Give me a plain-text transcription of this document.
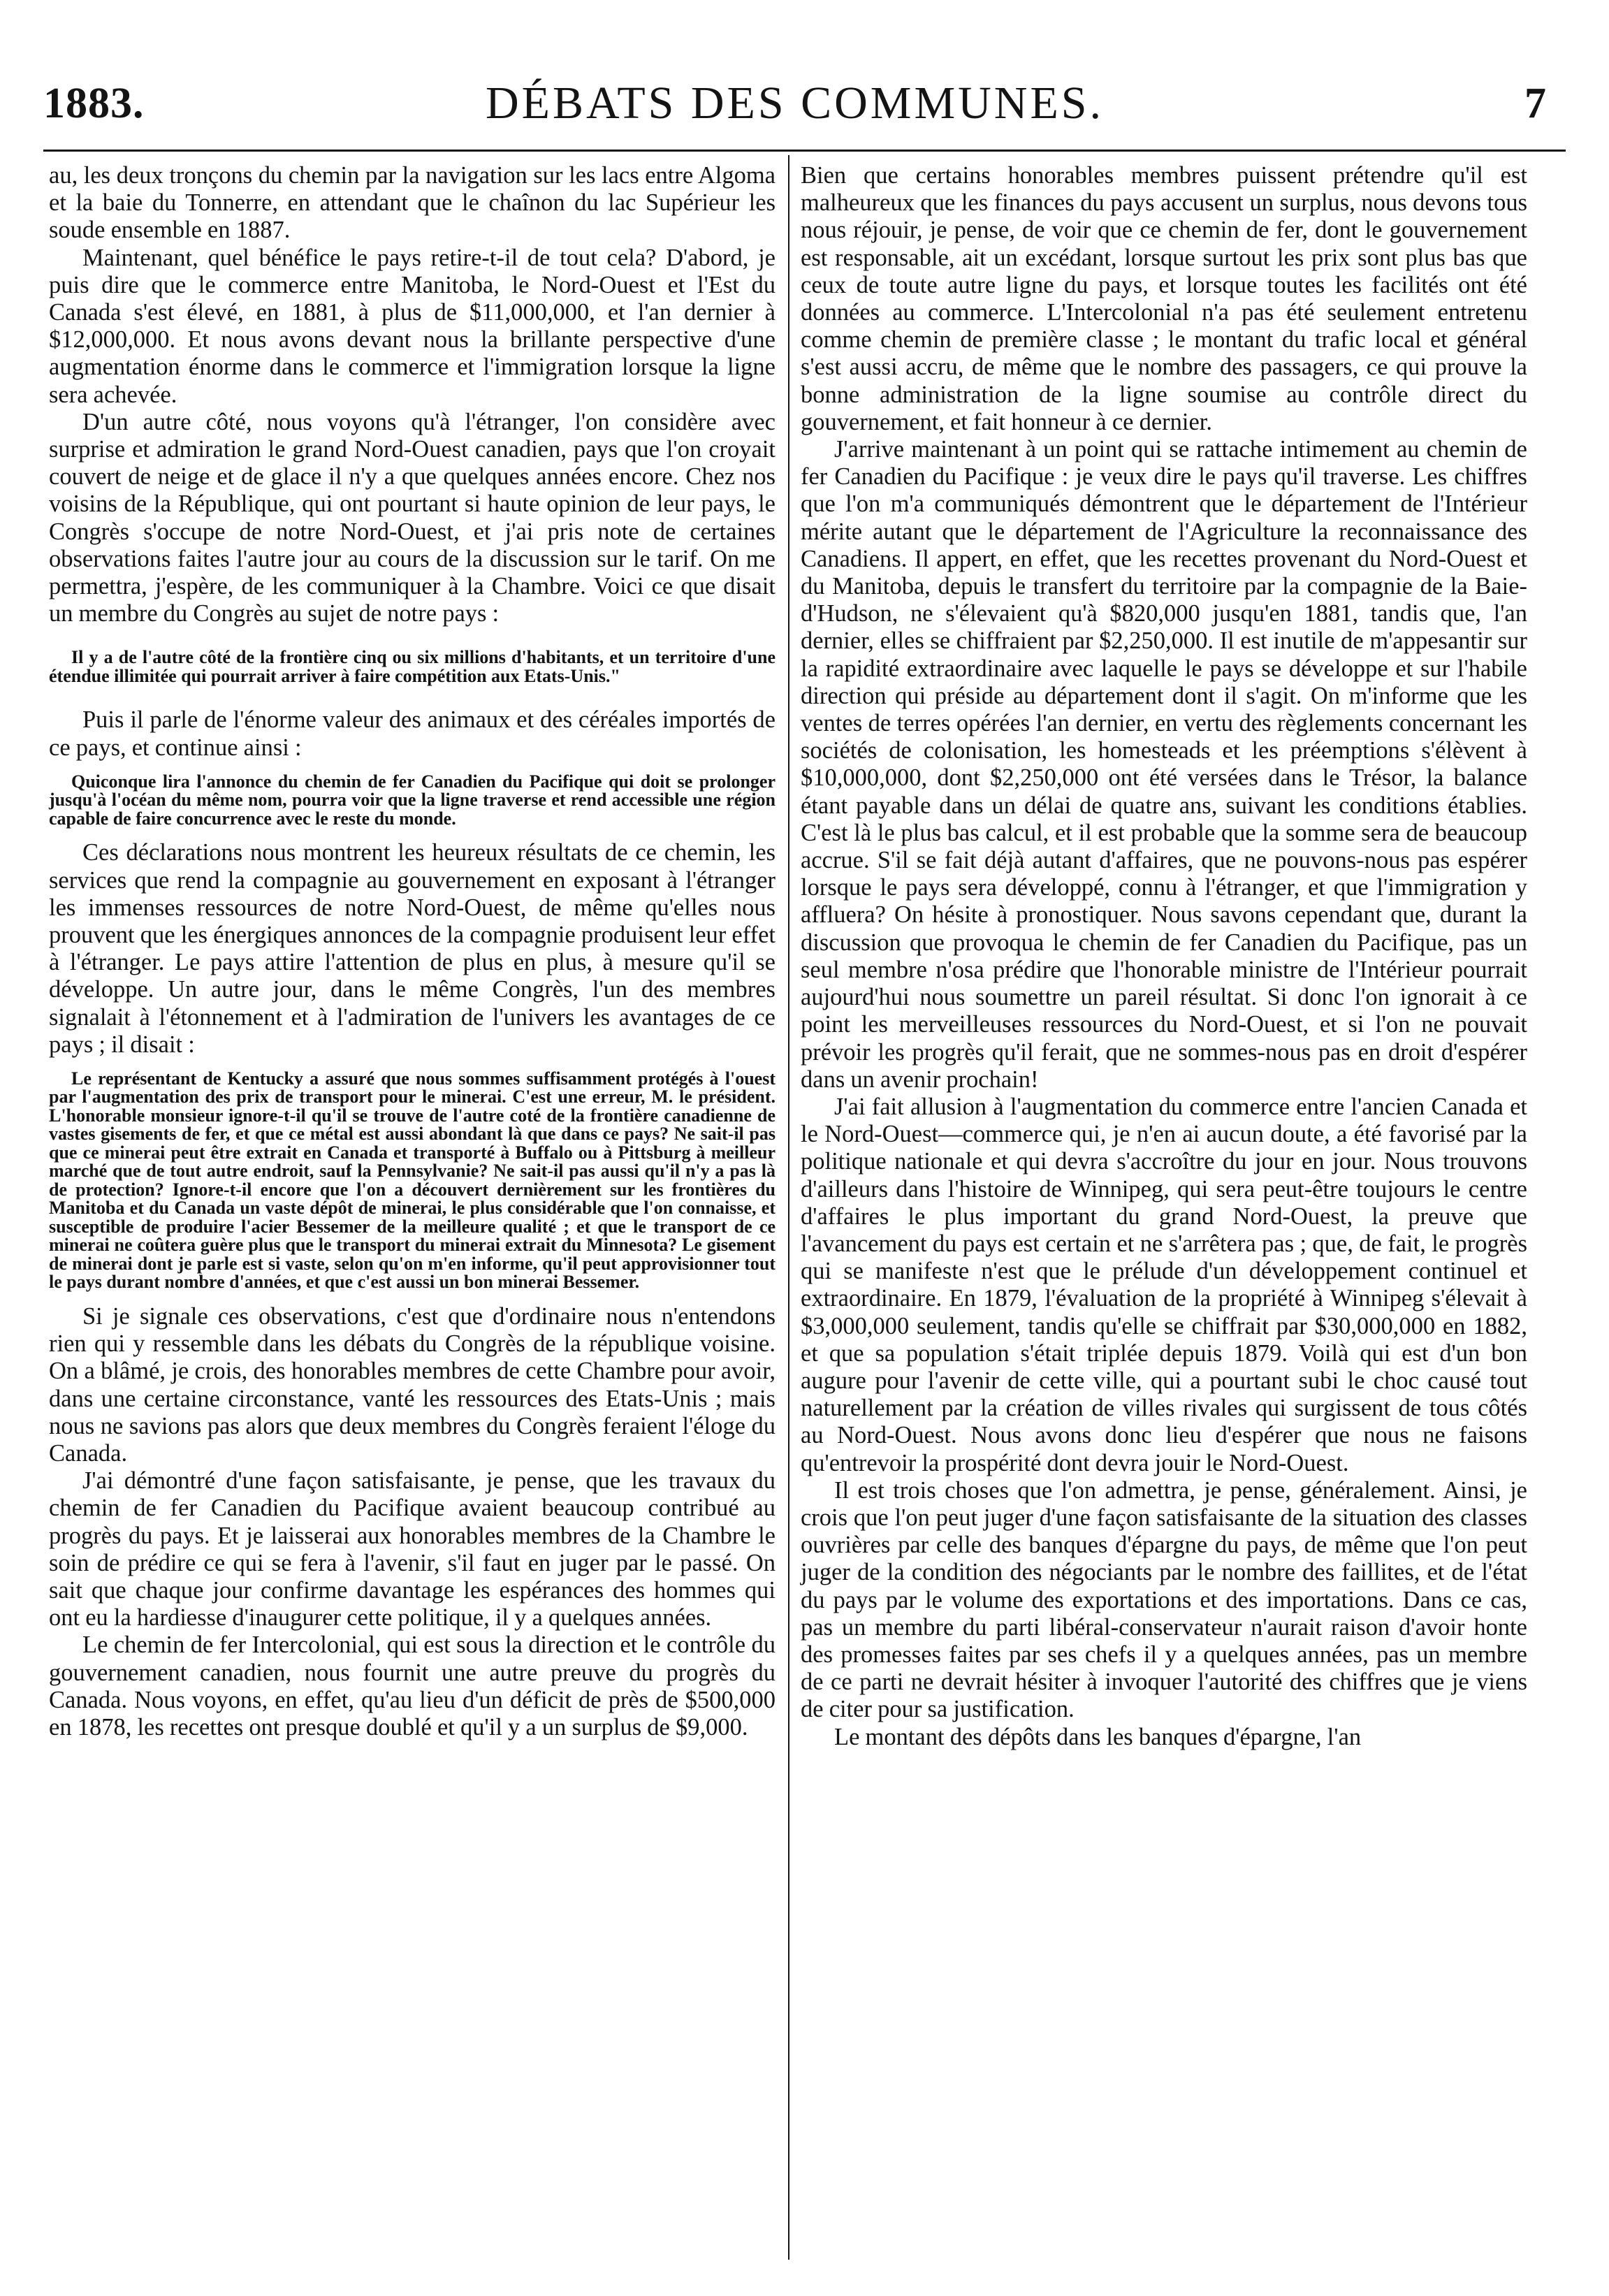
1883.	DÉBATS DES COMMUNES.	7

au, les deux tronçons du chemin par la navigation sur les lacs entre Algoma et la baie du Tonnerre, en attendant que le chaînon du lac Supérieur les soude ensemble en 1887.

Maintenant, quel bénéfice le pays retire-t-il de tout cela? D'abord, je puis dire que le commerce entre Manitoba, le Nord-Ouest et l'Est du Canada s'est élevé, en 1881, à plus de $11,000,000, et l'an dernier à $12,000,000. Et nous avons devant nous la brillante perspective d'une augmentation énorme dans le commerce et l'immigration lorsque la ligne sera achevée.

D'un autre côté, nous voyons qu'à l'étranger, l'on considère avec surprise et admiration le grand Nord-Ouest canadien, pays que l'on croyait couvert de neige et de glace il n'y a que quelques années encore. Chez nos voisins de la République, qui ont pourtant si haute opinion de leur pays, le Congrès s'occupe de notre Nord-Ouest, et j'ai pris note de certaines observations faites l'autre jour au cours de la discussion sur le tarif. On me permettra, j'espère, de les communiquer à la Chambre. Voici ce que disait un membre du Congrès au sujet de notre pays :

Il y a de l'autre côté de la frontière cinq ou six millions d'habitants, et un territoire d'une étendue illimitée qui pourrait arriver à faire compétition aux Etats-Unis."

Puis il parle de l'énorme valeur des animaux et des céréales importés de ce pays, et continue ainsi :

Quiconque lira l'annonce du chemin de fer Canadien du Pacifique qui doit se prolonger jusqu'à l'océan du même nom, pourra voir que la ligne traverse et rend accessible une région capable de faire concurrence avec le reste du monde.

Ces déclarations nous montrent les heureux résultats de ce chemin, les services que rend la compagnie au gouvernement en exposant à l'étranger les immenses ressources de notre Nord-Ouest, de même qu'elles nous prouvent que les énergiques annonces de la compagnie produisent leur effet à l'étranger. Le pays attire l'attention de plus en plus, à mesure qu'il se développe. Un autre jour, dans le même Congrès, l'un des membres signalait à l'étonnement et à l'admiration de l'univers les avantages de ce pays ; il disait :

Le représentant de Kentucky a assuré que nous sommes suffisamment protégés à l'ouest par l'augmentation des prix de transport pour le minerai. C'est une erreur, M. le président. L'honorable monsieur ignore-t-il qu'il se trouve de l'autre coté de la frontière canadienne de vastes gisements de fer, et que ce métal est aussi abondant là que dans ce pays? Ne sait-il pas que ce minerai peut être extrait en Canada et transporté à Buffalo ou à Pittsburg à meilleur marché que de tout autre endroit, sauf la Pennsylvanie? Ne sait-il pas aussi qu'il n'y a pas là de protection? Ignore-t-il encore que l'on a découvert dernièrement sur les frontières du Manitoba et du Canada un vaste dépôt de minerai, le plus considérable que l'on connaisse, et susceptible de produire l'acier Bessemer de la meilleure qualité ; et que le transport de ce minerai ne coûtera guère plus que le transport du minerai extrait du Minnesota? Le gisement de minerai dont je parle est si vaste, selon qu'on m'en informe, qu'il peut approvisionner tout le pays durant nombre d'années, et que c'est aussi un bon minerai Bessemer.

Si je signale ces observations, c'est que d'ordinaire nous n'entendons rien qui y ressemble dans les débats du Congrès de la république voisine. On a blâmé, je crois, des honorables membres de cette Chambre pour avoir, dans une certaine circonstance, vanté les ressources des Etats-Unis ; mais nous ne savions pas alors que deux membres du Congrès feraient l'éloge du Canada.

J'ai démontré d'une façon satisfaisante, je pense, que les travaux du chemin de fer Canadien du Pacifique avaient beaucoup contribué au progrès du pays. Et je laisserai aux honorables membres de la Chambre le soin de prédire ce qui se fera à l'avenir, s'il faut en juger par le passé. On sait que chaque jour confirme davantage les espérances des hommes qui ont eu la hardiesse d'inaugurer cette politique, il y a quelques années.

Le chemin de fer Intercolonial, qui est sous la direction et le contrôle du gouvernement canadien, nous fournit une autre preuve du progrès du Canada. Nous voyons, en effet, qu'au lieu d'un déficit de près de $500,000 en 1878, les recettes ont presque doublé et qu'il y a un surplus de $9,000.

Bien que certains honorables membres puissent prétendre qu'il est malheureux que les finances du pays accusent un surplus, nous devons tous nous réjouir, je pense, de voir que ce chemin de fer, dont le gouvernement est responsable, ait un excédant, lorsque surtout les prix sont plus bas que ceux de toute autre ligne du pays, et lorsque toutes les facilités ont été données au commerce. L'Intercolonial n'a pas été seulement entretenu comme chemin de première classe ; le montant du trafic local et général s'est aussi accru, de même que le nombre des passagers, ce qui prouve la bonne administration de la ligne soumise au contrôle direct du gouvernement, et fait honneur à ce dernier.

J'arrive maintenant à un point qui se rattache intimement au chemin de fer Canadien du Pacifique : je veux dire le pays qu'il traverse. Les chiffres que l'on m'a communiqués démontrent que le département de l'Intérieur mérite autant que le département de l'Agriculture la reconnaissance des Canadiens. Il appert, en effet, que les recettes provenant du Nord-Ouest et du Manitoba, depuis le transfert du territoire par la compagnie de la Baie-d'Hudson, ne s'élevaient qu'à $820,000 jusqu'en 1881, tandis que, l'an dernier, elles se chiffraient par $2,250,000. Il est inutile de m'appesantir sur la rapidité extraordinaire avec laquelle le pays se développe et sur l'habile direction qui préside au département dont il s'agit. On m'informe que les ventes de terres opérées l'an dernier, en vertu des règlements concernant les sociétés de colonisation, les homesteads et les préemptions s'élèvent à $10,000,000, dont $2,250,000 ont été versées dans le Trésor, la balance étant payable dans un délai de quatre ans, suivant les conditions établies. C'est là le plus bas calcul, et il est probable que la somme sera de beaucoup accrue. S'il se fait déjà autant d'affaires, que ne pouvons-nous pas espérer lorsque le pays sera développé, connu à l'étranger, et que l'immigration y affluera? On hésite à pronostiquer. Nous savons cependant que, durant la discussion que provoqua le chemin de fer Canadien du Pacifique, pas un seul membre n'osa prédire que l'honorable ministre de l'Intérieur pourrait aujourd'hui nous soumettre un pareil résultat. Si donc l'on ignorait à ce point les merveilleuses ressources du Nord-Ouest, et si l'on ne pouvait prévoir les progrès qu'il ferait, que ne sommes-nous pas en droit d'espérer dans un avenir prochain!

J'ai fait allusion à l'augmentation du commerce entre l'ancien Canada et le Nord-Ouest—commerce qui, je n'en ai aucun doute, a été favorisé par la politique nationale et qui devra s'accroître du jour en jour. Nous trouvons d'ailleurs dans l'histoire de Winnipeg, qui sera peut-être toujours le centre d'affaires le plus important du grand Nord-Ouest, la preuve que l'avancement du pays est certain et ne s'arrêtera pas ; que, de fait, le progrès qui se manifeste n'est que le prélude d'un développement continuel et extraordinaire. En 1879, l'évaluation de la propriété à Winnipeg s'élevait à $3,000,000 seulement, tandis qu'elle se chiffrait par $30,000,000 en 1882, et que sa population s'était triplée depuis 1879. Voilà qui est d'un bon augure pour l'avenir de cette ville, qui a pourtant subi le choc causé tout naturellement par la création de villes rivales qui surgissent de tous côtés au Nord-Ouest. Nous avons donc lieu d'espérer que nous ne faisons qu'entrevoir la prospérité dont devra jouir le Nord-Ouest.

Il est trois choses que l'on admettra, je pense, généralement. Ainsi, je crois que l'on peut juger d'une façon satisfaisante de la situation des classes ouvrières par celle des banques d'épargne du pays, de même que l'on peut juger de la condition des négociants par le nombre des faillites, et de l'état du pays par le volume des exportations et des importations. Dans ce cas, pas un membre du parti libéral-conservateur n'aurait raison d'avoir honte des promesses faites par ses chefs il y a quelques années, pas un membre de ce parti ne devrait hésiter à invoquer l'autorité des chiffres que je viens de citer pour sa justification.

Le montant des dépôts dans les banques d'épargne, l'an
